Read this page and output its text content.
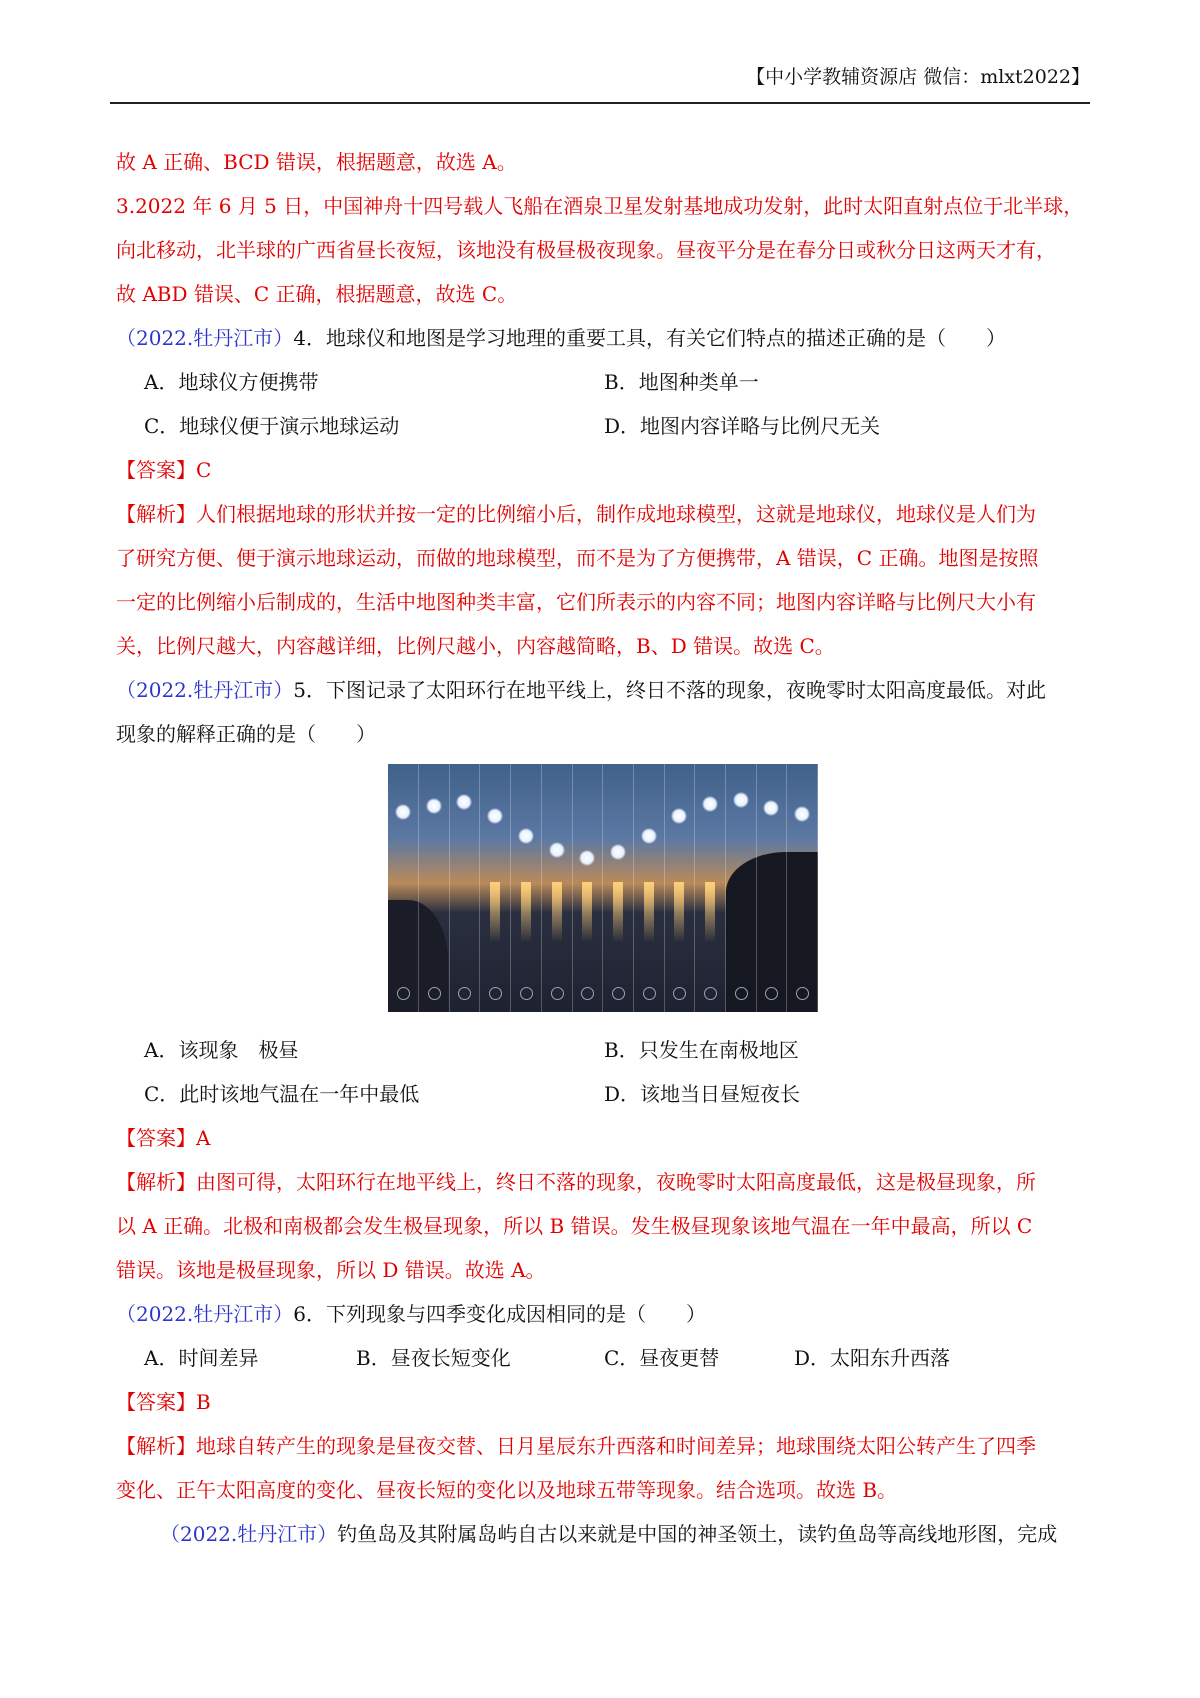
【中小学教辅资源店 微信：mlxt2022】
故 A 正确、BCD 错误，根据题意，故选 A。
3.2022 年 6 月 5 日，中国神舟十四号载人飞船在酒泉卫星发射基地成功发射，此时太阳直射点位于北半球，
向北移动，北半球的广西省昼长夜短，该地没有极昼极夜现象。昼夜平分是在春分日或秋分日这两天才有，
故 ABD 错误、C 正确，根据题意，故选 C。
（2022.牡丹江市）4．地球仪和地图是学习地理的重要工具，有关它们特点的描述正确的是（　　）
A．地球仪方便携带	B．地图种类单一
C．地球仪便于演示地球运动	D．地图内容详略与比例尺无关
【答案】C
【解析】人们根据地球的形状并按一定的比例缩小后，制作成地球模型，这就是地球仪，地球仪是人们为
了研究方便、便于演示地球运动，而做的地球模型，而不是为了方便携带，A 错误，C 正确。地图是按照
一定的比例缩小后制成的，生活中地图种类丰富，它们所表示的内容不同；地图内容详略与比例尺大小有
关，比例尺越大，内容越详细，比例尺越小，内容越简略，B、D 错误。故选 C。
（2022.牡丹江市）5．下图记录了太阳环行在地平线上，终日不落的现象，夜晚零时太阳高度最低。对此
现象的解释正确的是（　　）
A．该现象　极昼	B．只发生在南极地区
C．此时该地气温在一年中最低	D．该地当日昼短夜长
【答案】A
【解析】由图可得，太阳环行在地平线上，终日不落的现象，夜晚零时太阳高度最低，这是极昼现象，所
以 A 正确。北极和南极都会发生极昼现象，所以 B 错误。发生极昼现象该地气温在一年中最高，所以 C
错误。该地是极昼现象，所以 D 错误。故选 A。
（2022.牡丹江市）6．下列现象与四季变化成因相同的是（　　）
A．时间差异	B．昼夜长短变化	C．昼夜更替	D．太阳东升西落
【答案】B
【解析】地球自转产生的现象是昼夜交替、日月星辰东升西落和时间差异；地球围绕太阳公转产生了四季
变化、正午太阳高度的变化、昼夜长短的变化以及地球五带等现象。结合选项。故选 B。
（2022.牡丹江市）钓鱼岛及其附属岛屿自古以来就是中国的神圣领土，读钓鱼岛等高线地形图，完成
